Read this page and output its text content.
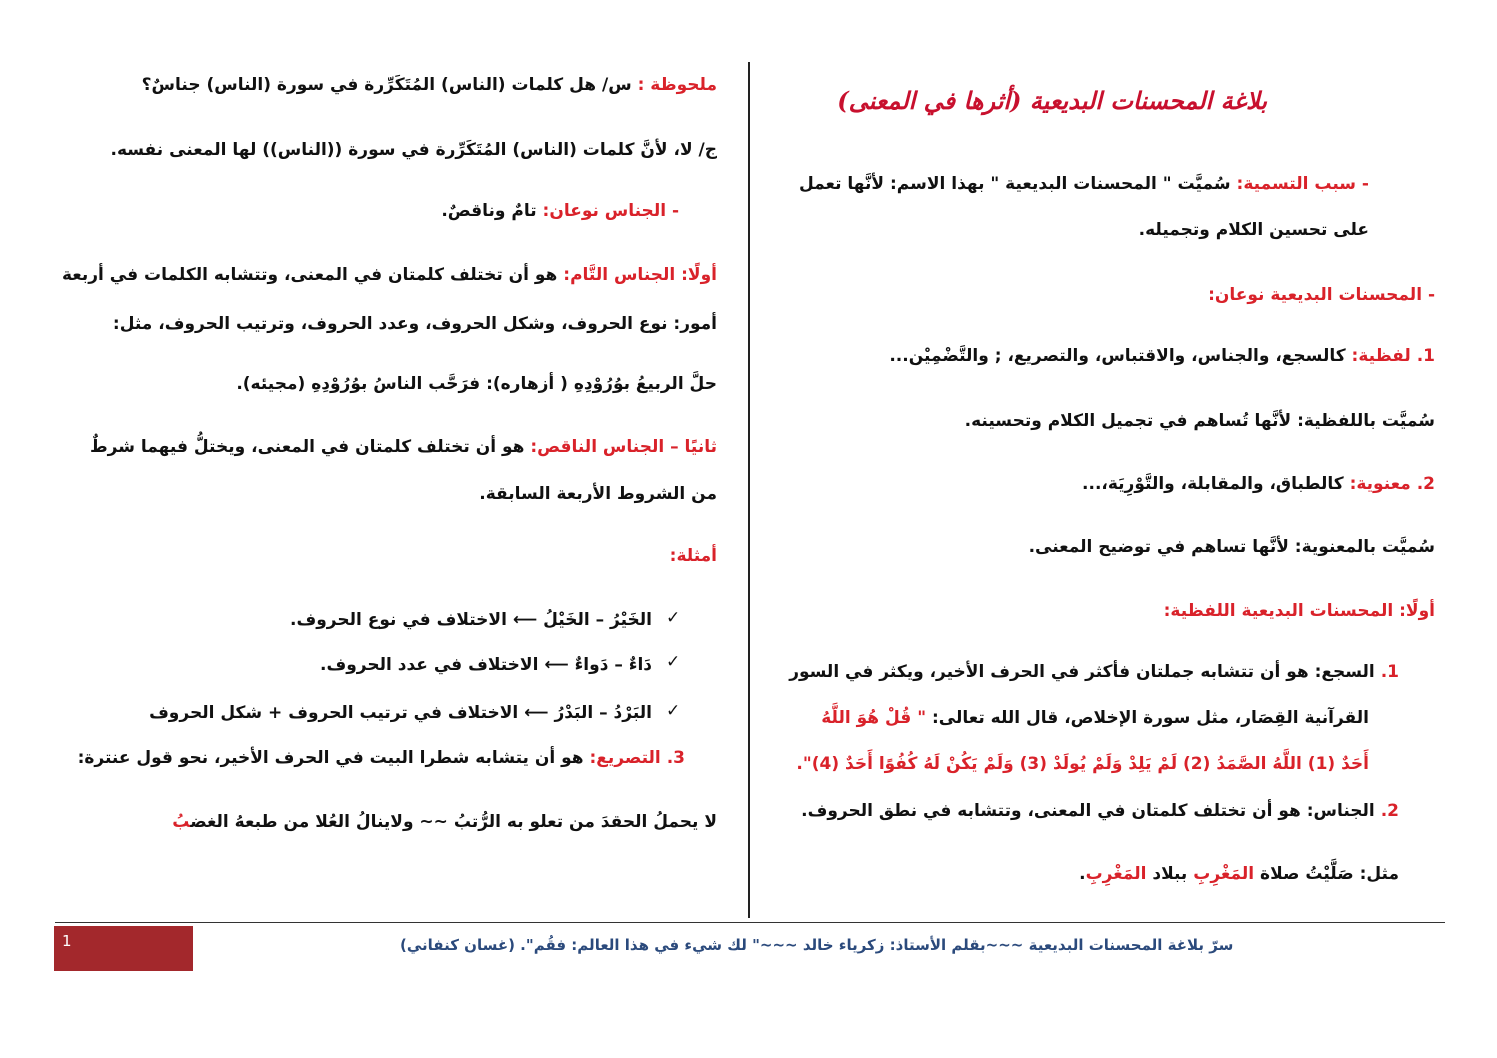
بلاغة المحسنات البديعية (أثرها في المعنى)
- سبب التسمية: سُميَّت " المحسنات البديعية " بهذا الاسم: لأنَّها تعمل
على تحسين الكلام وتجميله.
- المحسنات البديعية نوعان:
1. لفظية: كالسجع، والجناس، والاقتباس، والتصريع، ; والتَّضْمِيْن...
سُميَّت باللفظية: لأنَّها تُساهم في تجميل الكلام وتحسينه.
2. معنوية: كالطباق، والمقابلة، والتَّوْرِيَة،...
سُميَّت بالمعنوية: لأنَّها تساهم في توضيح المعنى.
أولًا: المحسنات البديعية اللفظية:
1. السجع: هو أن تتشابه جملتان فأكثر في الحرف الأخير، ويكثر في السور
القرآنية القِصَار، مثل سورة الإخلاص، قال الله تعالى: " قُلْ هُوَ اللَّهُ
أَحَدٌ (1) اللَّهُ الصَّمَدُ (2) لَمْ يَلِدْ وَلَمْ يُولَدْ (3) وَلَمْ يَكُنْ لَهُ كُفُوًا أَحَدٌ (4)".
2. الجناس: هو أن تختلف كلمتان في المعنى، وتتشابه في نطق الحروف.
مثل: صَلَّيْتُ صلاة المَغْرِبِ ببلاد المَغْرِبِ.
ملحوظة : س/ هل كلمات (الناس) المُتَكَرِّرة في سورة (الناس) جناسٌ؟
ج/ لا، لأنَّ كلمات (الناس) المُتَكَرِّرة في سورة ((الناس)) لها المعنى نفسه.
- الجناس نوعان: تامٌ وناقصٌ.
أولًا: الجناس التَّام: هو أن تختلف كلمتان في المعنى، وتتشابه الكلمات في أربعة
أمور: نوع الحروف، وشكل الحروف، وعدد الحروف، وترتيب الحروف، مثل:
حلَّ الربيعُ بوُرُوْدِهِ ( أزهاره): فرَحَّب الناسُ بوُرُوْدِهِ (مجيئه).
ثانيًا – الجناس الناقص: هو أن تختلف كلمتان في المعنى، ويختلُّ فيهما شرطٌ
من الشروط الأربعة السابقة.
أمثلة:
✓
الخَيْرُ – الخَيْلُ ⟵ الاختلاف في نوع الحروف.
✓
دَاءٌ – دَواءٌ ⟵ الاختلاف في عدد الحروف.
✓
البَرْدُ – البَدْرُ ⟵ الاختلاف في ترتيب الحروف + شكل الحروف
3. التصريع: هو أن يتشابه شطرا البيت في الحرف الأخير، نحو قول عنترة:
لا يحملُ الحقدَ من تعلو به الرُّتب ~~ ولاينالُ العُلا من طبعهُ الغضبُ
1	سرّ بلاغة المحسنات البديعية ~~~بقلم الأستاذ: زكرياء خالد ~~~" لك شيء في هذا العالم: فقُم". (غسان كنفاني)
